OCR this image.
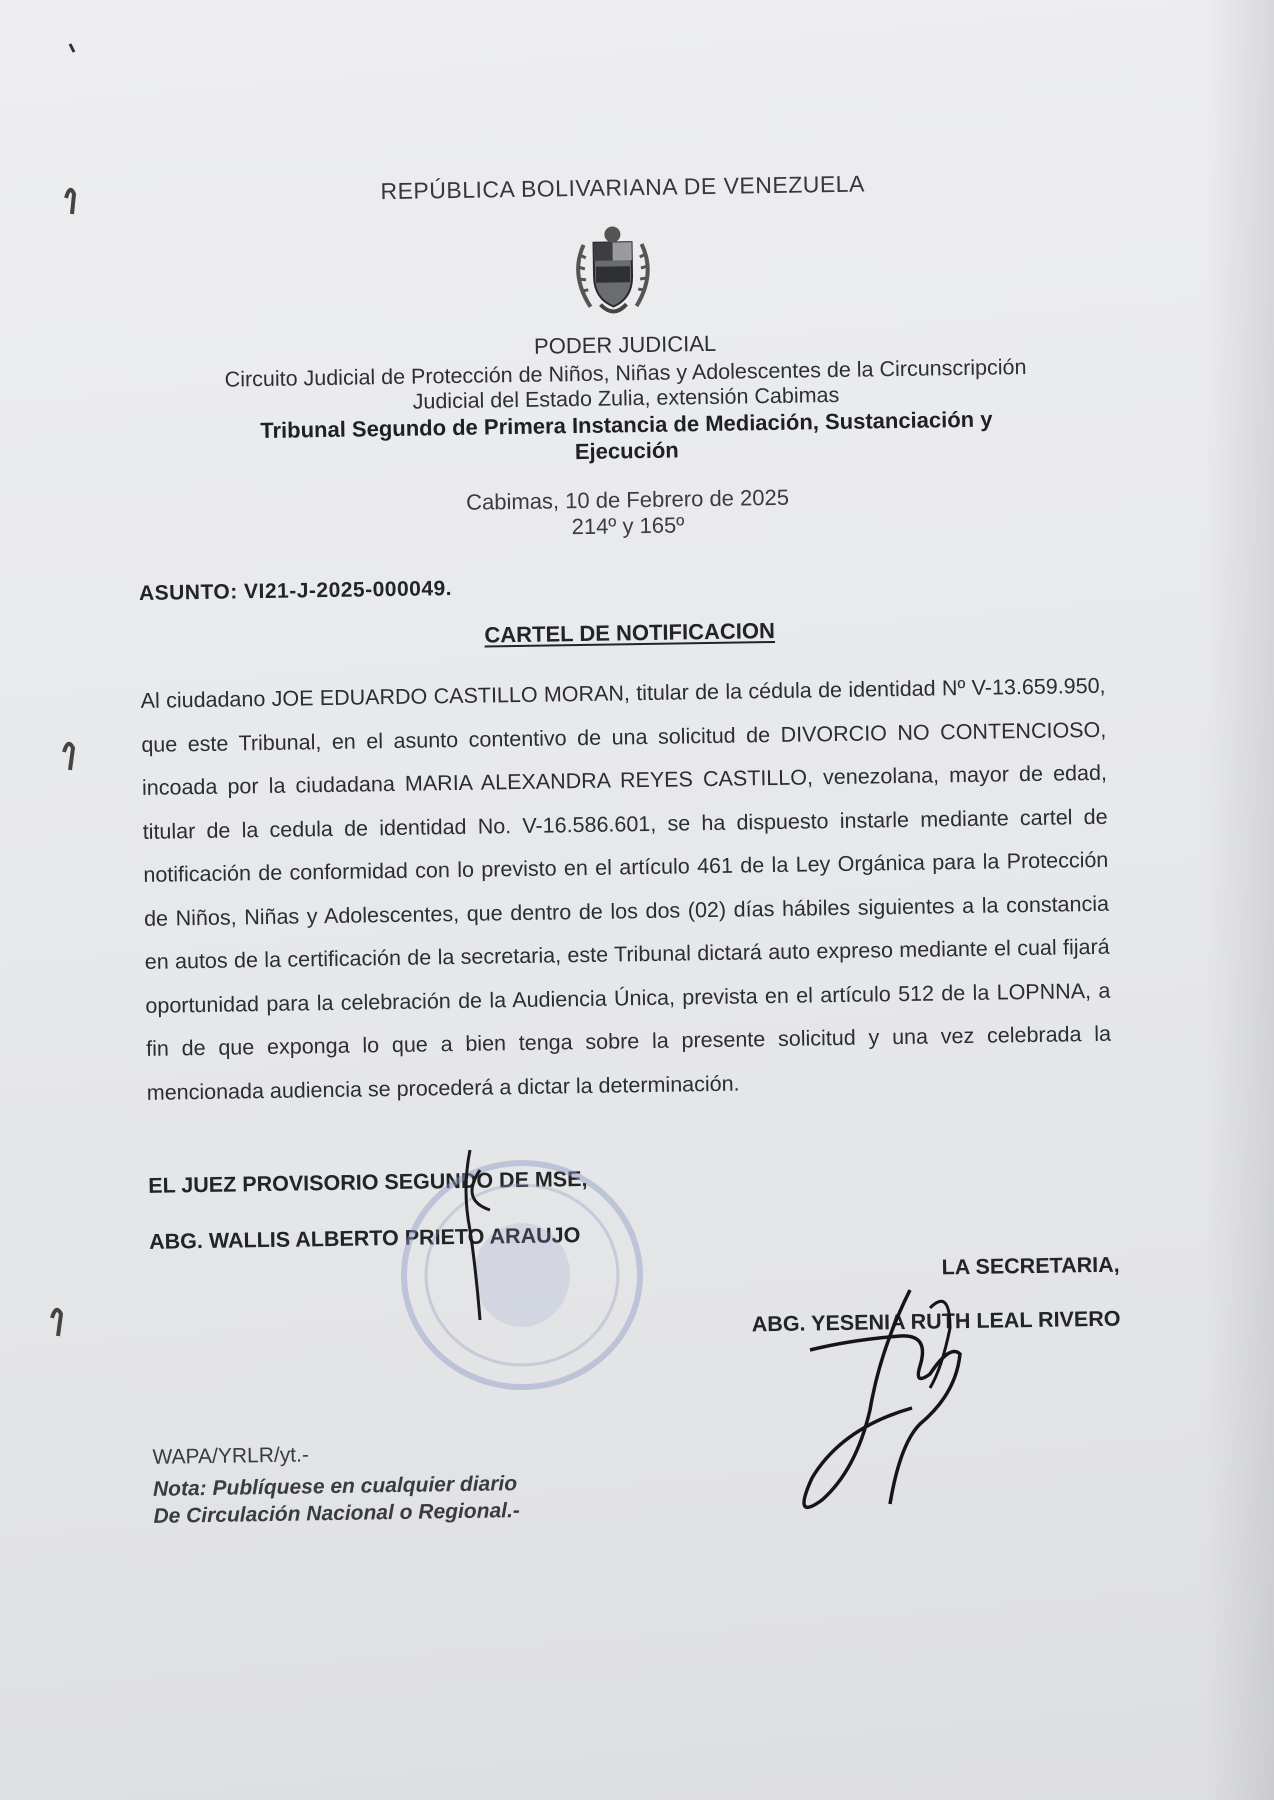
REPÚBLICA BOLIVARIANA DE VENEZUELA
PODER JUDICIAL
Circuito Judicial de Protección de Niños, Niñas y Adolescentes de la Circunscripción
Judicial del Estado Zulia, extensión Cabimas
Tribunal Segundo de Primera Instancia de Mediación, Sustanciación y
Ejecución
Cabimas, 10 de Febrero de 2025
214º y 165º
ASUNTO: VI21-J-2025-000049.
CARTEL DE NOTIFICACION
Al ciudadano JOE EDUARDO CASTILLO MORAN, titular de la cédula de identidad Nº V-13.659.950, que este Tribunal, en el asunto contentivo de una solicitud de DIVORCIO NO CONTENCIOSO, incoada por la ciudadana MARIA ALEXANDRA REYES CASTILLO, venezolana, mayor de edad, titular de la cedula de identidad No. V-16.586.601, se ha dispuesto instarle mediante cartel de notificación de conformidad con lo previsto en el artículo 461 de la Ley Orgánica para la Protección de Niños, Niñas y Adolescentes, que dentro de los dos (02) días hábiles siguientes a la constancia en autos de la certificación de la secretaria, este Tribunal dictará auto expreso mediante el cual fijará oportunidad para la celebración de la Audiencia Única, prevista en el artículo 512 de la LOPNNA, a fin de que exponga lo que a bien tenga sobre la presente solicitud y una vez celebrada la mencionada audiencia se procederá a dictar la determinación.
EL JUEZ PROVISORIO SEGUNDO DE MSE,
ABG. WALLIS ALBERTO PRIETO ARAUJO
LA SECRETARIA,
ABG. YESENIA RUTH LEAL RIVERO
WAPA/YRLR/yt.-
Nota: Publíquese en cualquier diario
De Circulación Nacional o Regional.-
